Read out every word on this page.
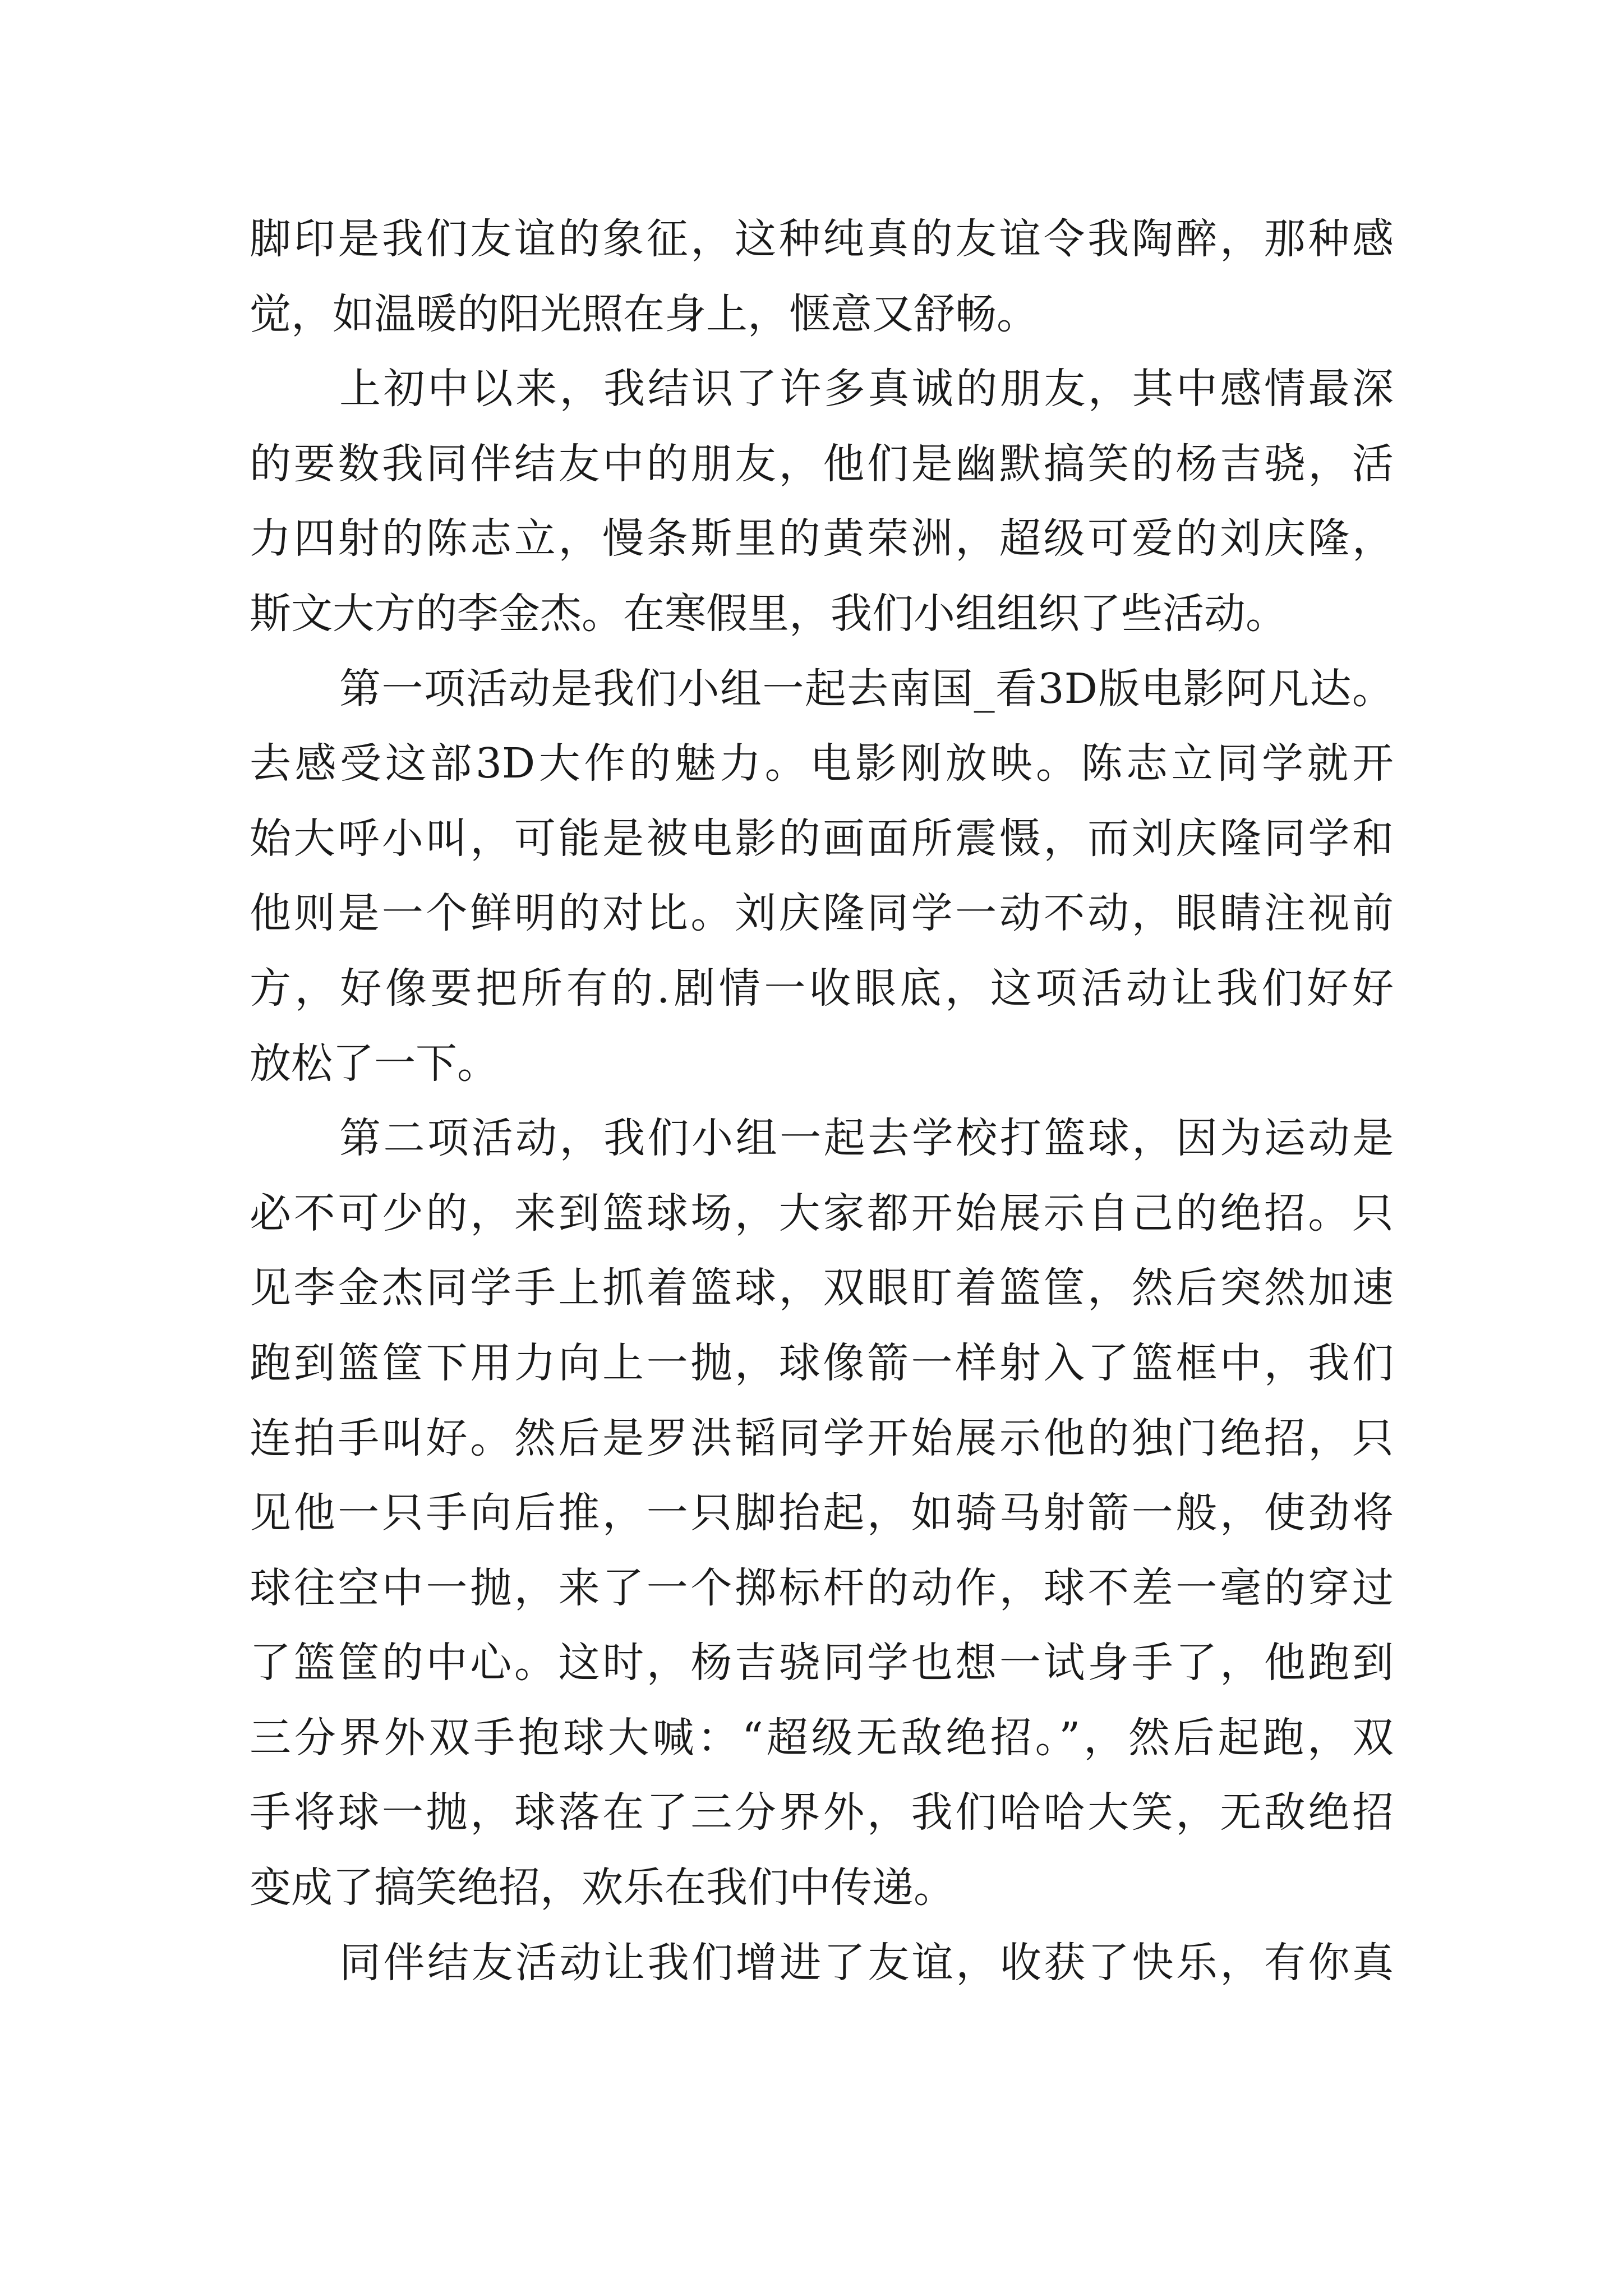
脚印是我们友谊的象征，这种纯真的友谊令我陶醉，那种感
觉，如温暖的阳光照在身上，惬意又舒畅。
上初中以来，我结识了许多真诚的朋友，其中感情最深
的要数我同伴结友中的朋友，他们是幽默搞笑的杨吉骁，活
力四射的陈志立，慢条斯里的黄荣洲，超级可爱的刘庆隆，
斯文大方的李金杰。在寒假里，我们小组组织了些活动。
第一项活动是我们小组一起去南国_看3D版电影阿凡达。
去感受这部3D大作的魅力。电影刚放映。陈志立同学就开
始大呼小叫，可能是被电影的画面所震慑，而刘庆隆同学和
他则是一个鲜明的对比。刘庆隆同学一动不动，眼睛注视前
方，好像要把所有的.剧情一收眼底，这项活动让我们好好
放松了一下。
第二项活动，我们小组一起去学校打篮球，因为运动是
必不可少的，来到篮球场，大家都开始展示自己的绝招。只
见李金杰同学手上抓着篮球，双眼盯着篮筐，然后突然加速
跑到篮筐下用力向上一抛，球像箭一样射入了篮框中，我们
连拍手叫好。然后是罗洪韬同学开始展示他的独门绝招，只
见他一只手向后推，一只脚抬起，如骑马射箭一般，使劲将
球往空中一抛，来了一个掷标杆的动作，球不差一毫的穿过
了篮筐的中心。这时，杨吉骁同学也想一试身手了，他跑到
三分界外双手抱球大喊：“超级无敌绝招。”，然后起跑，双
手将球一抛，球落在了三分界外，我们哈哈大笑，无敌绝招
变成了搞笑绝招，欢乐在我们中传递。
同伴结友活动让我们增进了友谊，收获了快乐，有你真
